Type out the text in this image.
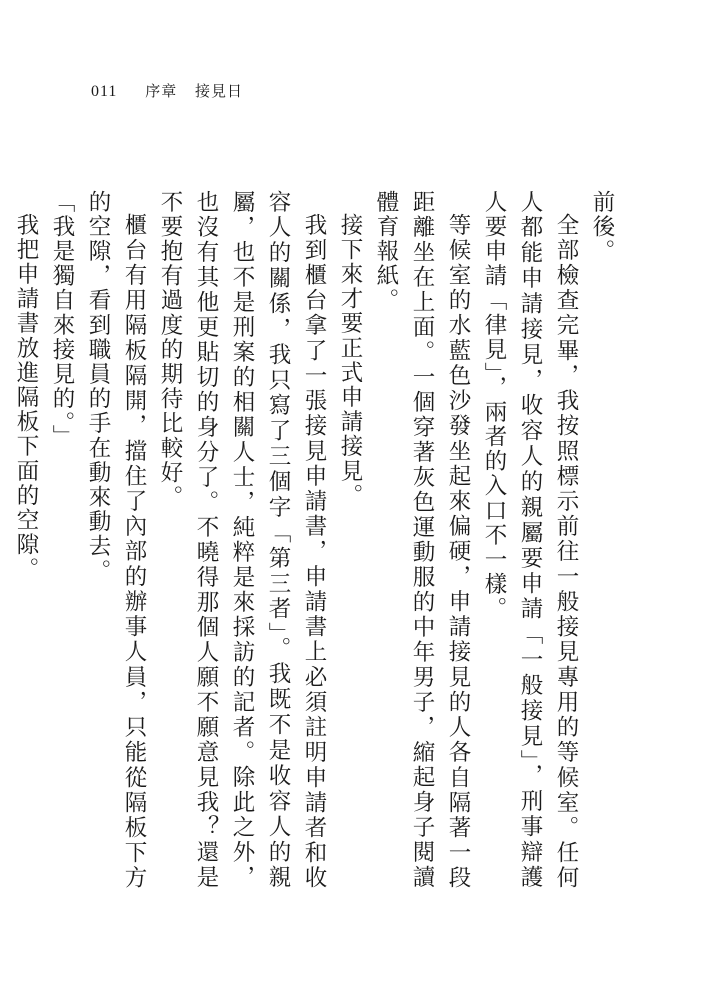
011 序章 接見日

前後。

全部檢查完畢，我按照標示前往一般接見專用的等候室。任何人都能申請接見，收容人的親屬要申請「一般接見」，刑事辯護人要申請「律見」，兩者的入口不一樣。

等候室的水藍色沙發坐起來偏硬，申請接見的人各自隔著一段距離坐在上面。一個穿著灰色運動服的中年男子，縮起身子閱讀體育報紙。

接下來才要正式申請接見。

我到櫃台拿了一張接見申請書，申請書上必須註明申請者和收容人的關係，我只寫了三個字「第三者」。我既不是收容人的親屬，也不是刑案的相關人士，純粹是來採訪的記者。除此之外，也沒有其他更貼切的身分了。不曉得那個人願不願意見我？還是不要抱有過度的期待比較好。

櫃台有用隔板隔開，擋住了內部的辦事人員，只能從隔板下方的空隙，看到職員的手在動來動去。

「我是獨自來接見的。」

我把申請書放進隔板下面的空隙。
